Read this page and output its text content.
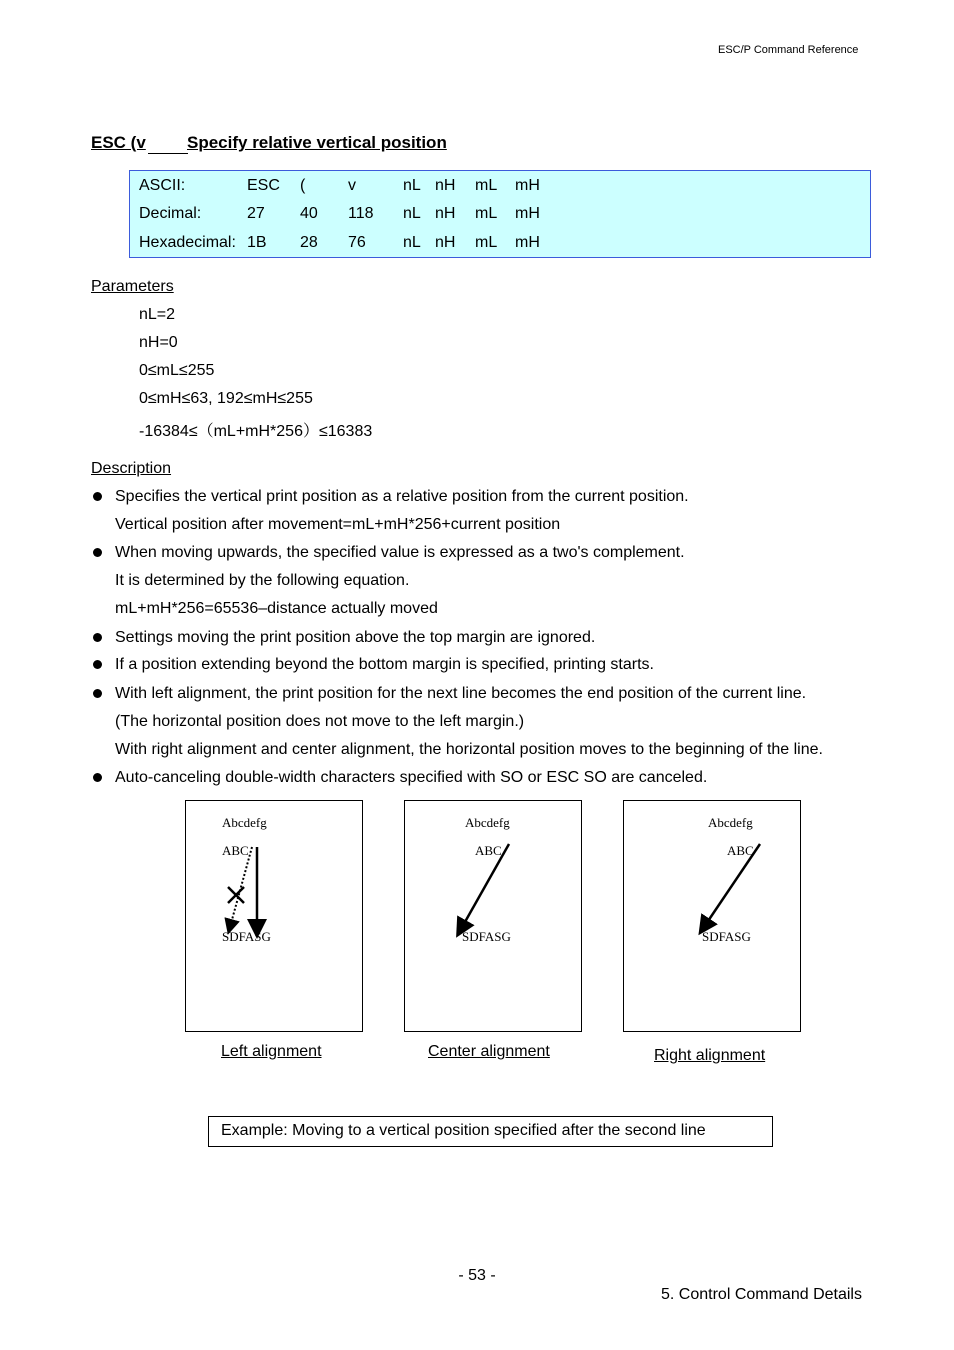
ESC/P Command Reference
ESC (v Specify relative vertical position
ASCII:	ESC (	v	nL nH mL mH
Decimal:	27 40 118 nL nH mL mH
Hexadecimal: 1B 28 76 nL nH mL mH
Parameters
nL=2
nH=0
0≤mL≤255
0≤mH≤63, 192≤mH≤255
-16384≤（mL+mH*256）≤16383
Description
Specifies the vertical print position as a relative position from the current position.
Vertical position after movement=mL+mH*256+current position
When moving upwards, the specified value is expressed as a two's complement.
It is determined by the following equation.
mL+mH*256=65536–distance actually moved
Settings moving the print position above the top margin are ignored.
If a position extending beyond the bottom margin is specified, printing starts.
With left alignment, the print position for the next line becomes the end position of the current line.
(The horizontal position does not move to the left margin.)
With right alignment and center alignment, the horizontal position moves to the beginning of the line.
Auto-canceling double-width characters specified with SO or ESC SO are canceled.
Abcdefg
ABC
SDFASG
Left alignment
Abcdefg
ABC
SDFASG
Center alignment
Abcdefg
ABC
SDFASG
Right alignment
Example: Moving to a vertical position specified after the second line
- 53 -
5. Control Command Details
